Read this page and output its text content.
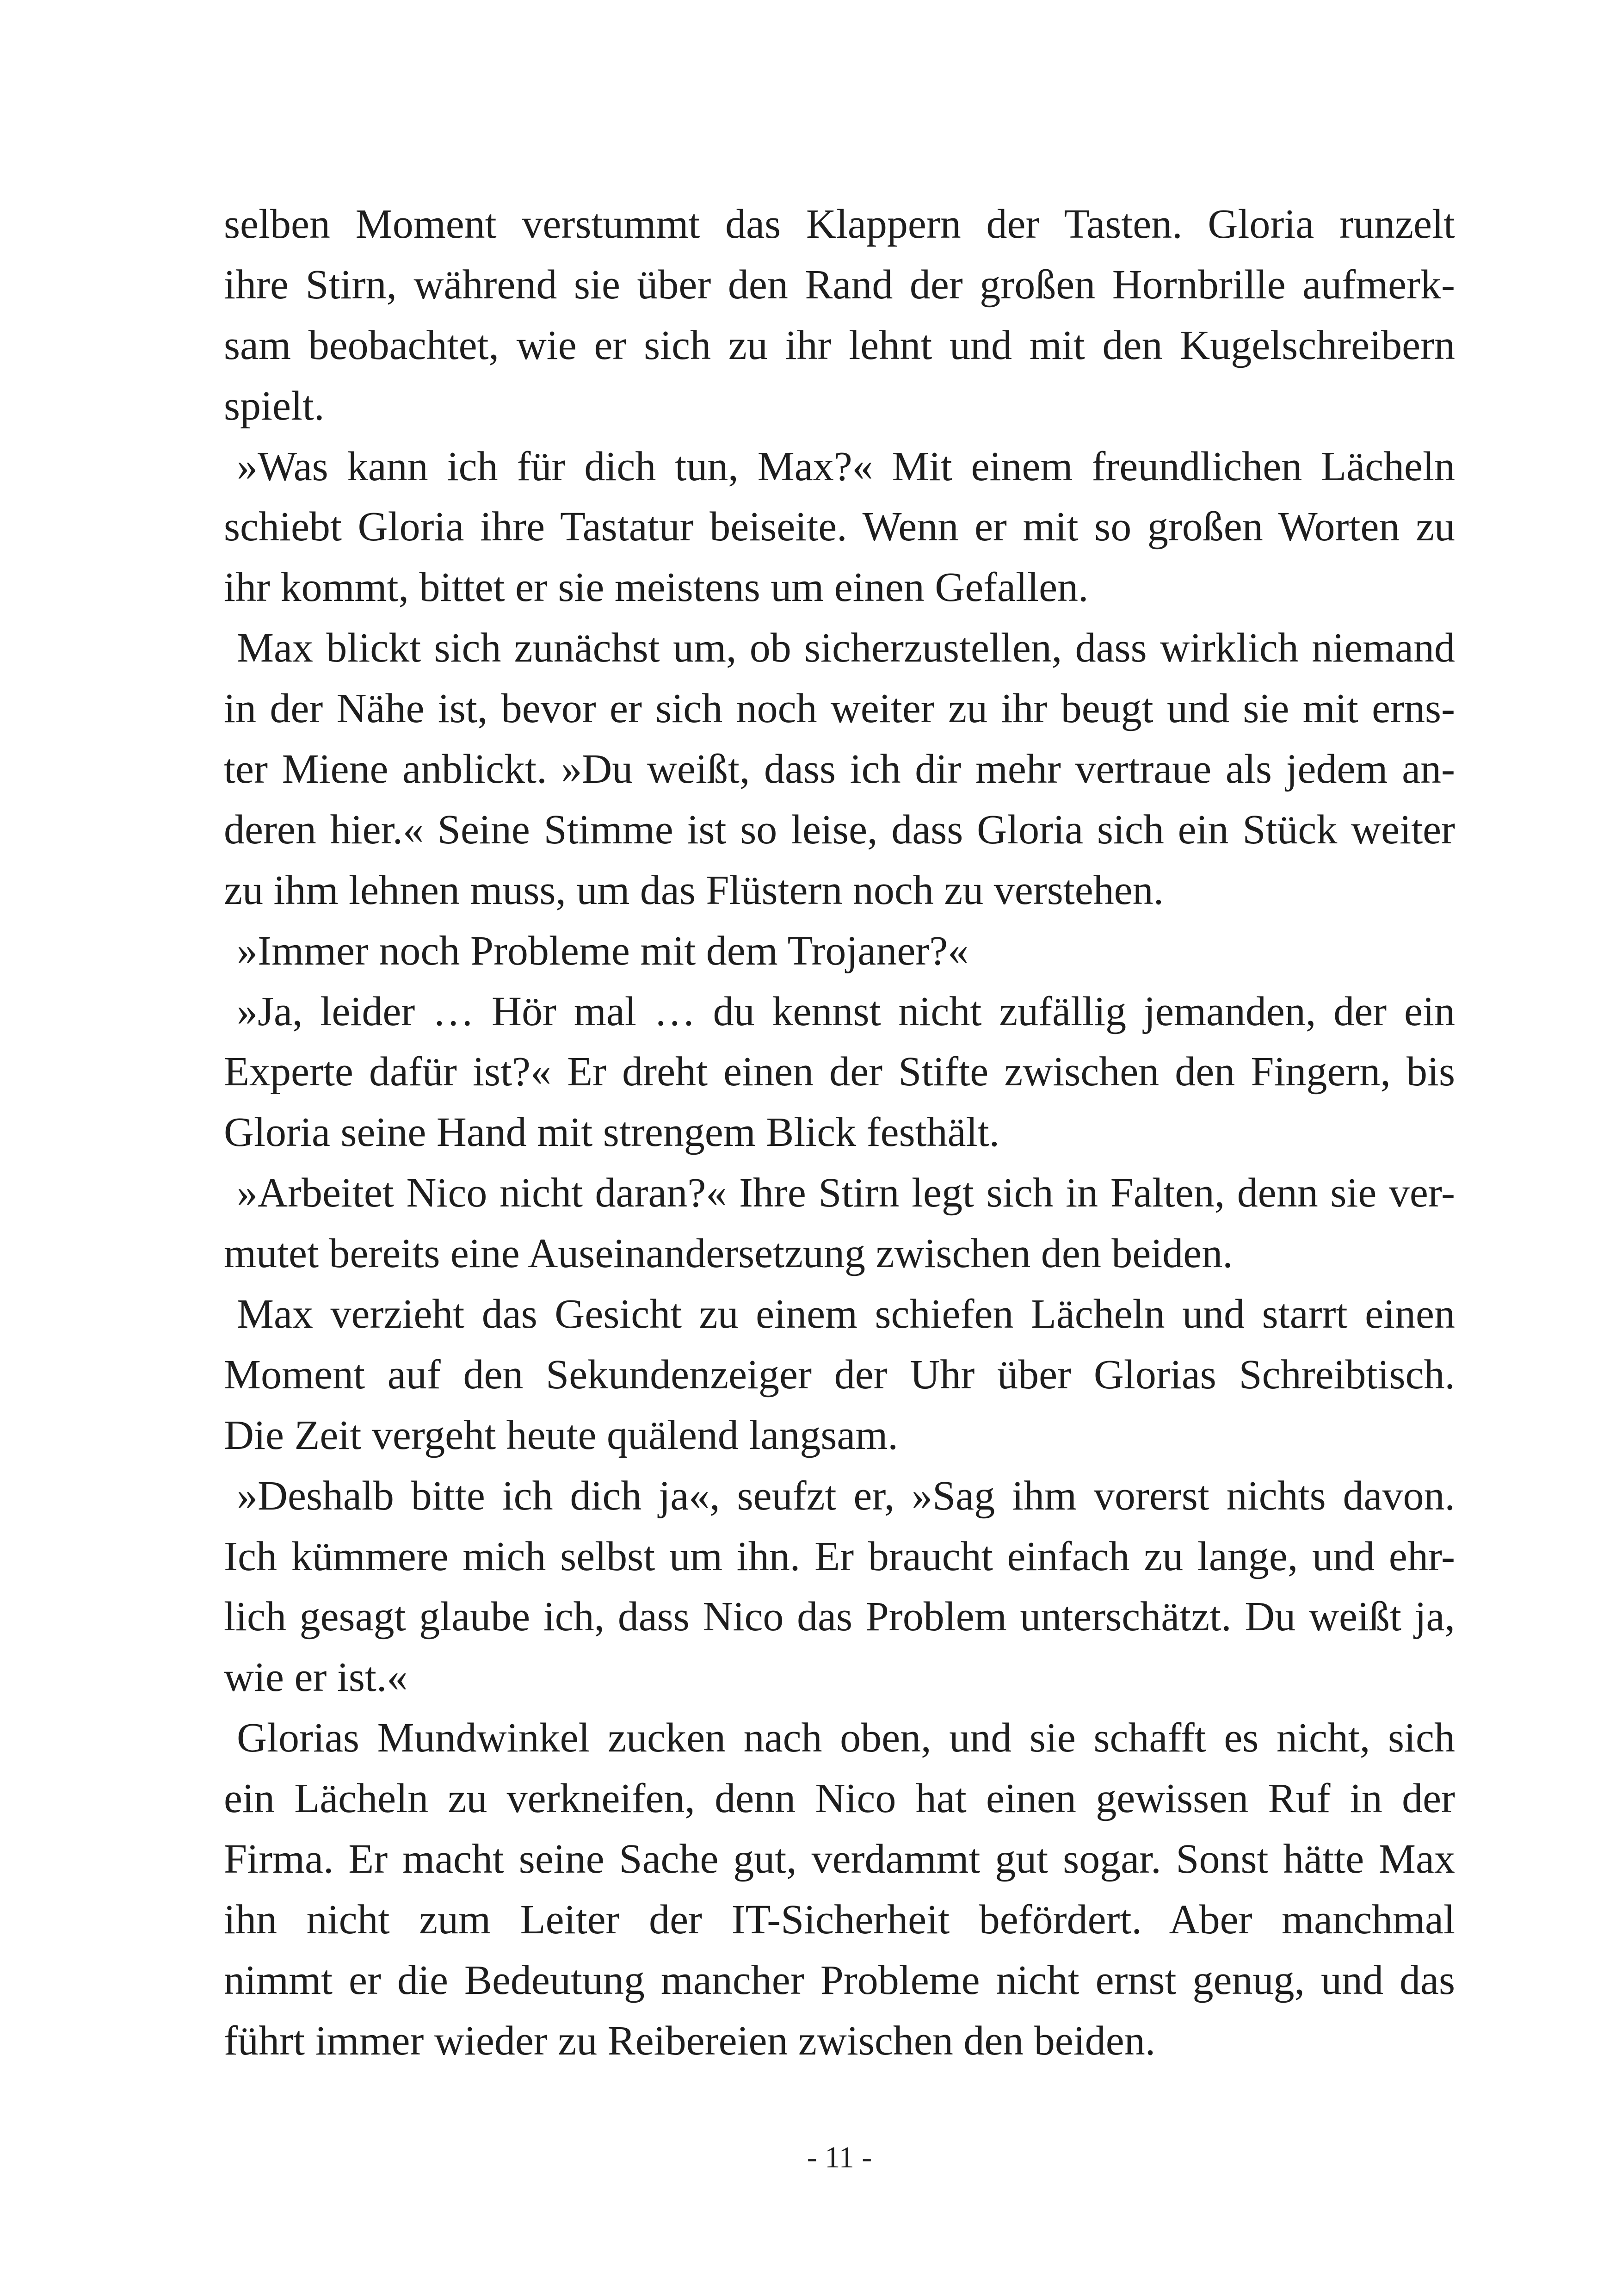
selben Moment verstummt das Klappern der Tasten. Gloria runzelt
ihre Stirn, während sie über den Rand der großen Hornbrille aufmerk-
sam beobachtet, wie er sich zu ihr lehnt und mit den Kugelschreibern
spielt.
»Was kann ich für dich tun, Max?« Mit einem freundlichen Lächeln
schiebt Gloria ihre Tastatur beiseite. Wenn er mit so großen Worten zu
ihr kommt, bittet er sie meistens um einen Gefallen.
Max blickt sich zunächst um, ob sicherzustellen, dass wirklich niemand
in der Nähe ist, bevor er sich noch weiter zu ihr beugt und sie mit erns-
ter Miene anblickt. »Du weißt, dass ich dir mehr vertraue als jedem an-
deren hier.« Seine Stimme ist so leise, dass Gloria sich ein Stück weiter
zu ihm lehnen muss, um das Flüstern noch zu verstehen.
»Immer noch Probleme mit dem Trojaner?«
»Ja, leider … Hör mal … du kennst nicht zufällig jemanden, der ein
Experte dafür ist?« Er dreht einen der Stifte zwischen den Fingern, bis
Gloria seine Hand mit strengem Blick festhält.
»Arbeitet Nico nicht daran?« Ihre Stirn legt sich in Falten, denn sie ver-
mutet bereits eine Auseinandersetzung zwischen den beiden.
Max verzieht das Gesicht zu einem schiefen Lächeln und starrt einen
Moment auf den Sekundenzeiger der Uhr über Glorias Schreibtisch.
Die Zeit vergeht heute quälend langsam.
»Deshalb bitte ich dich ja«, seufzt er, »Sag ihm vorerst nichts davon.
Ich kümmere mich selbst um ihn. Er braucht einfach zu lange, und ehr-
lich gesagt glaube ich, dass Nico das Problem unterschätzt. Du weißt ja,
wie er ist.«
Glorias Mundwinkel zucken nach oben, und sie schafft es nicht, sich
ein Lächeln zu verkneifen, denn Nico hat einen gewissen Ruf in der
Firma. Er macht seine Sache gut, verdammt gut sogar. Sonst hätte Max
ihn nicht zum Leiter der IT-Sicherheit befördert. Aber manchmal
nimmt er die Bedeutung mancher Probleme nicht ernst genug, und das
führt immer wieder zu Reibereien zwischen den beiden.
- 11 -
